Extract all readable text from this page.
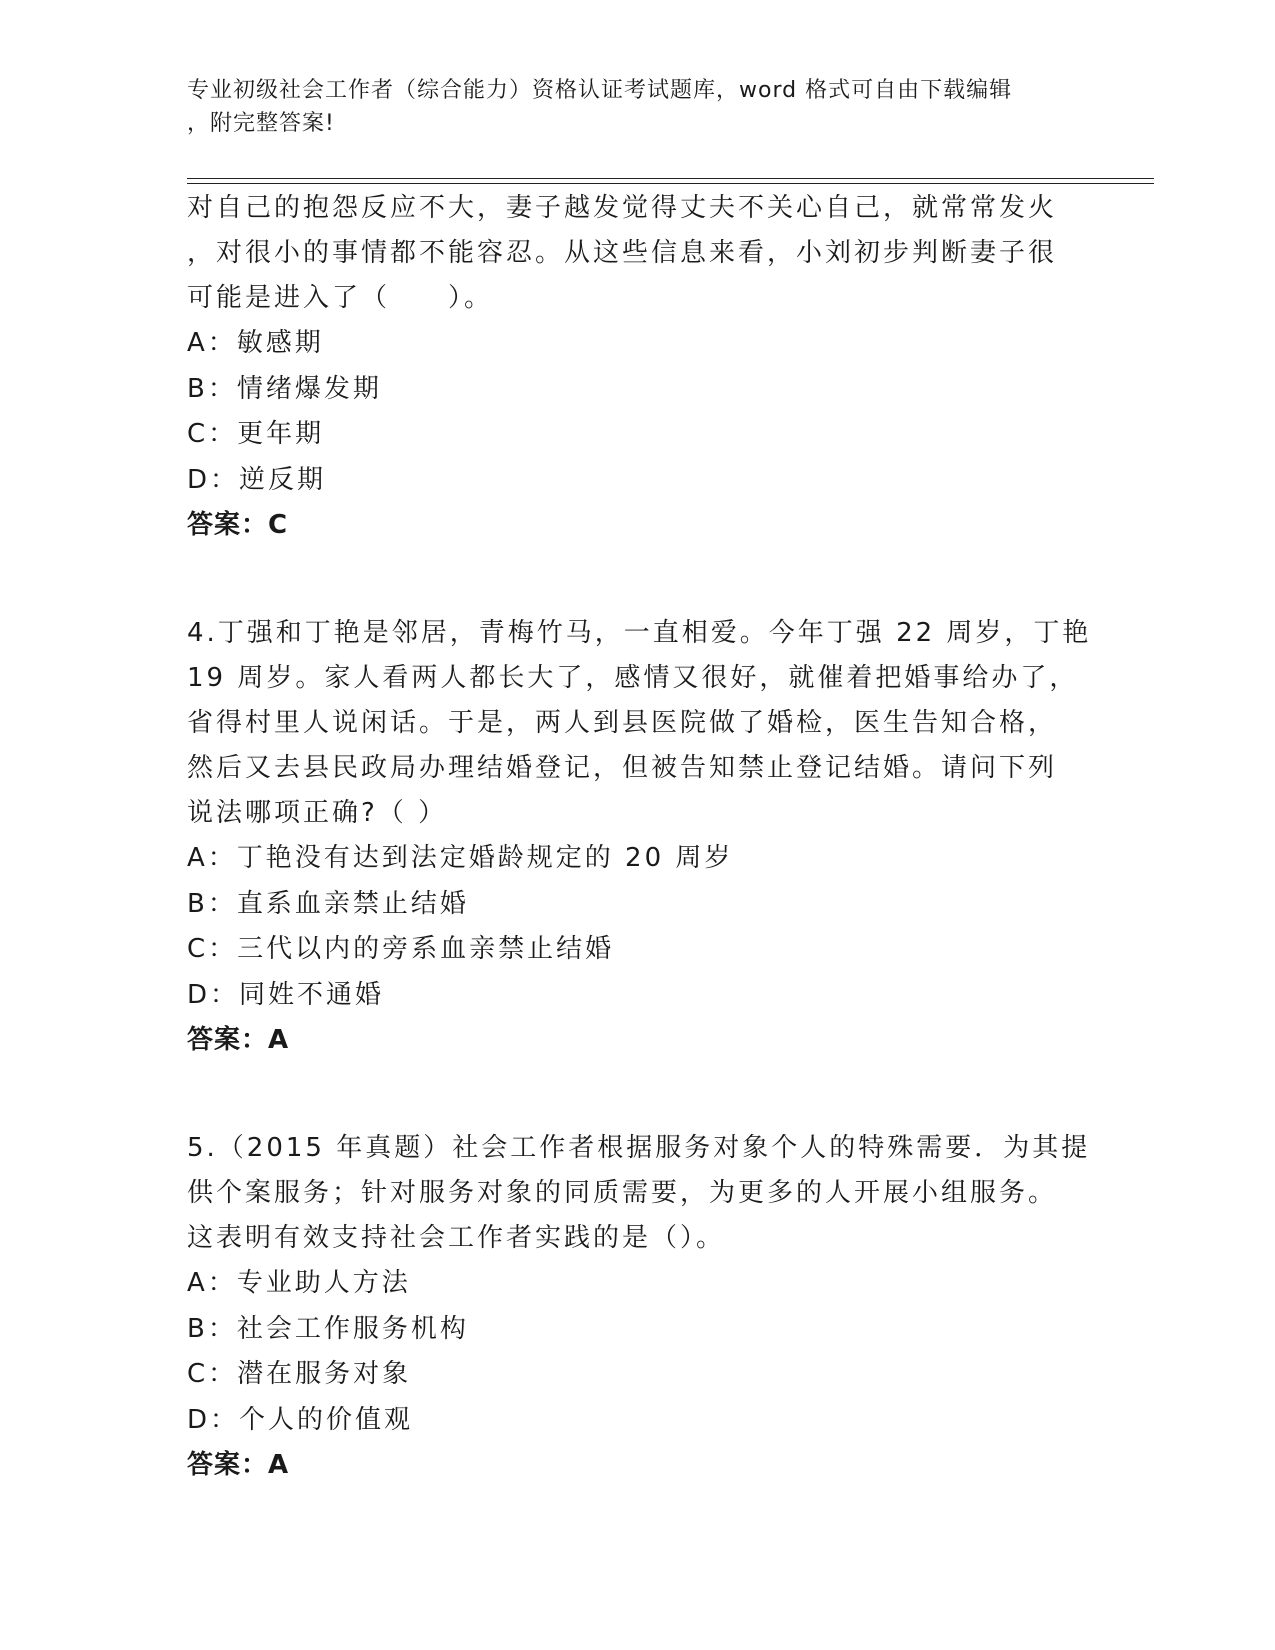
专业初级社会工作者（综合能力）资格认证考试题库，word 格式可自由下载编辑
，附完整答案!
对自己的抱怨反应不大，妻子越发觉得丈夫不关心自己，就常常发火
，对很小的事情都不能容忍。从这些信息来看，小刘初步判断妻子很
可能是进入了（　　）。
A：敏感期
B：情绪爆发期
C：更年期
D：逆反期
答案：C
4.丁强和丁艳是邻居，青梅竹马，一直相爱。今年丁强 22 周岁，丁艳
19 周岁。家人看两人都长大了，感情又很好，就催着把婚事给办了，
省得村里人说闲话。于是，两人到县医院做了婚检，医生告知合格，
然后又去县民政局办理结婚登记，但被告知禁止登记结婚。请问下列
说法哪项正确?（ ）
A：丁艳没有达到法定婚龄规定的 20 周岁
B：直系血亲禁止结婚
C：三代以内的旁系血亲禁止结婚
D：同姓不通婚
答案：A
5.（2015 年真题）社会工作者根据服务对象个人的特殊需要．为其提
供个案服务；针对服务对象的同质需要，为更多的人开展小组服务。
这表明有效支持社会工作者实践的是（）。
A：专业助人方法
B：社会工作服务机构
C：潜在服务对象
D：个人的价值观
答案：A
